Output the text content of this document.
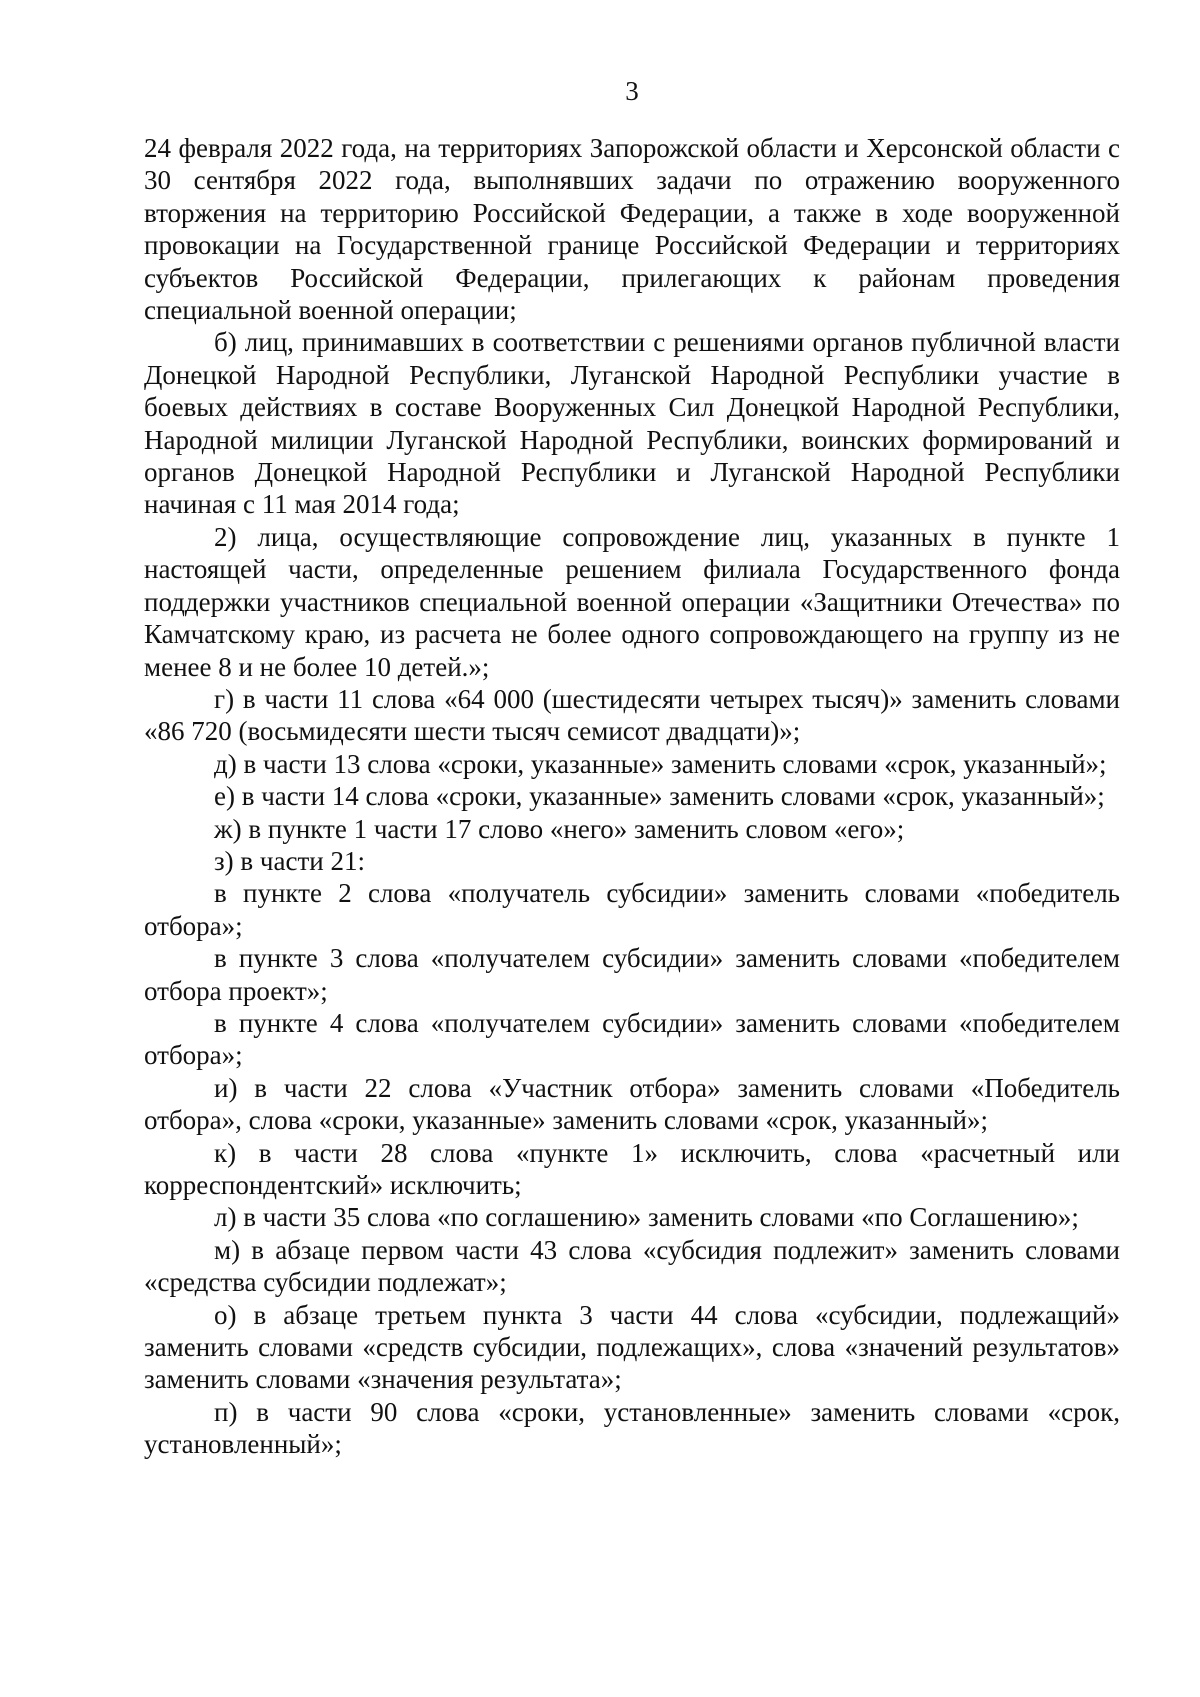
3

24 февраля 2022 года, на территориях Запорожской области и Херсонской области с 30 сентября 2022 года, выполнявших задачи по отражению вооруженного вторжения на территорию Российской Федерации, а также в ходе вооруженной провокации на Государственной границе Российской Федерации и территориях субъектов Российской Федерации, прилегающих к районам проведения специальной военной операции;

б) лиц, принимавших в соответствии с решениями органов публичной власти Донецкой Народной Республики, Луганской Народной Республики участие в боевых действиях в составе Вооруженных Сил Донецкой Народной Республики, Народной милиции Луганской Народной Республики, воинских формирований и органов Донецкой Народной Республики и Луганской Народной Республики начиная с 11 мая 2014 года;

2) лица, осуществляющие сопровождение лиц, указанных в пункте 1 настоящей части, определенные решением филиала Государственного фонда поддержки участников специальной военной операции «Защитники Отечества» по Камчатскому краю, из расчета не более одного сопровождающего на группу из не менее 8 и не более 10 детей.»;

г) в части 11 слова «64 000 (шестидесяти четырех тысяч)» заменить словами «86 720 (восьмидесяти шести тысяч семисот двадцати)»;

д) в части 13 слова «сроки, указанные» заменить словами «срок, указанный»;

е) в части 14 слова «сроки, указанные» заменить словами «срок, указанный»;

ж) в пункте 1 части 17 слово «него» заменить словом «его»;

з) в части 21:

в пункте 2 слова «получатель субсидии» заменить словами «победитель отбора»;

в пункте 3 слова «получателем субсидии» заменить словами «победителем отбора проект»;

в пункте 4 слова «получателем субсидии» заменить словами «победителем отбора»;

и) в части 22 слова «Участник отбора» заменить словами «Победитель отбора», слова «сроки, указанные» заменить словами «срок, указанный»;

к) в части 28 слова «пункте 1» исключить, слова «расчетный или корреспондентский» исключить;

л) в части 35 слова «по соглашению» заменить словами «по Соглашению»;

м) в абзаце первом части 43 слова «субсидия подлежит» заменить словами «средства субсидии подлежат»;

о) в абзаце третьем пункта 3 части 44 слова «субсидии, подлежащий» заменить словами «средств субсидии, подлежащих», слова «значений результатов» заменить словами «значения результата»;

п) в части 90 слова «сроки, установленные» заменить словами «срок, установленный»;
